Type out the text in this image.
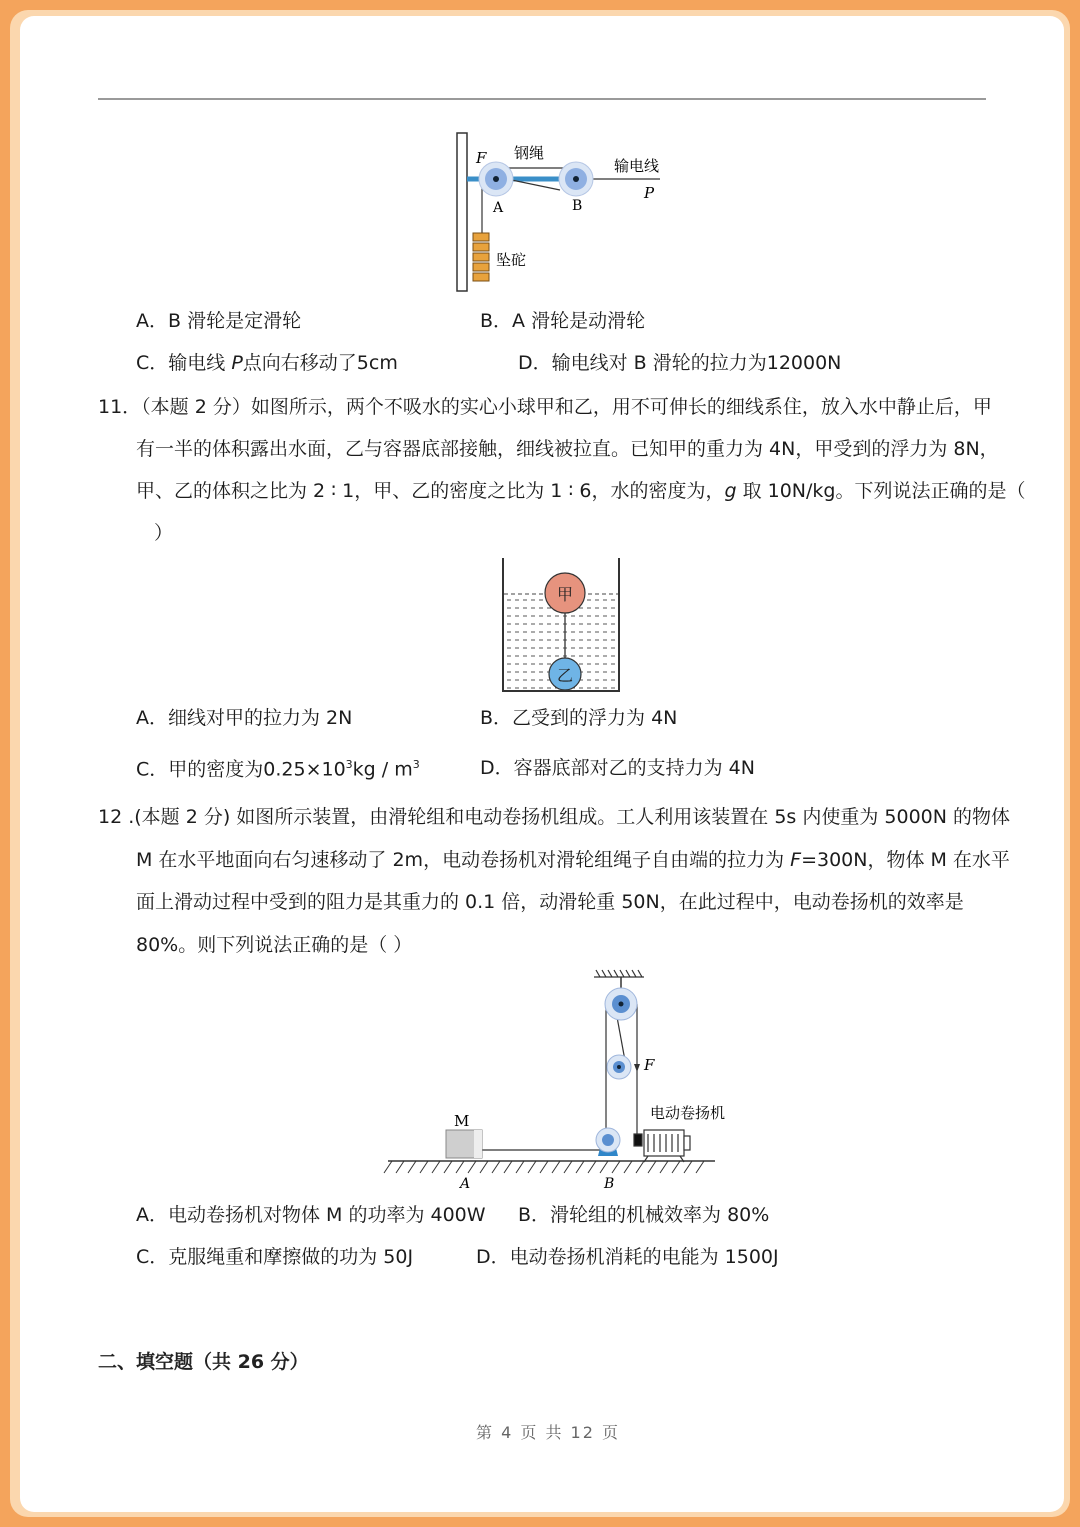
F 钢绳
输电线
P
A	B
坠砣
A．B 滑轮是定滑轮	B．A 滑轮是动滑轮
C．输电线 P点向右移动了5cm	D．输电线对 B 滑轮的拉力为12000N
11．（本题 2 分）如图所示，两个不吸水的实心小球甲和乙，用不可伸长的细线系住，放入水中静止后，甲
有一半的体积露出水面，乙与容器底部接触，细线被拉直。已知甲的重力为 4N，甲受到的浮力为 8N，
甲、乙的体积之比为 2 ∶ 1，甲、乙的密度之比为 1 ∶ 6，水的密度为，g 取 10N/kg。下列说法正确的是（
）
甲
乙
A．细线对甲的拉力为 2N	B．乙受到的浮力为 4N
C．甲的密度为$0.25\times 10^3kg / m^3$	D．容器底部对乙的支持力为 4N
12 .(本题 2 分) 如图所示装置，由滑轮组和电动卷扬机组成。工人利用该装置在 5s 内使重为 5000N 的物体
M 在水平地面向右匀速移动了 2m，电动卷扬机对滑轮组绳子自由端的拉力为 F=300N，物体 M 在水平
面上滑动过程中受到的阻力是其重力的 0.1 倍，动滑轮重 50N，在此过程中，电动卷扬机的效率是
80%。则下列说法正确的是（ ）
F
电动卷扬机
M
A	B
A．电动卷扬机对物体 M 的功率为 400W B．滑轮组的机械效率为 80%
C．克服绳重和摩擦做的功为 50J	D．电动卷扬机消耗的电能为 1500J
二、填空题（共 26 分）
第 4 页 共 12 页
